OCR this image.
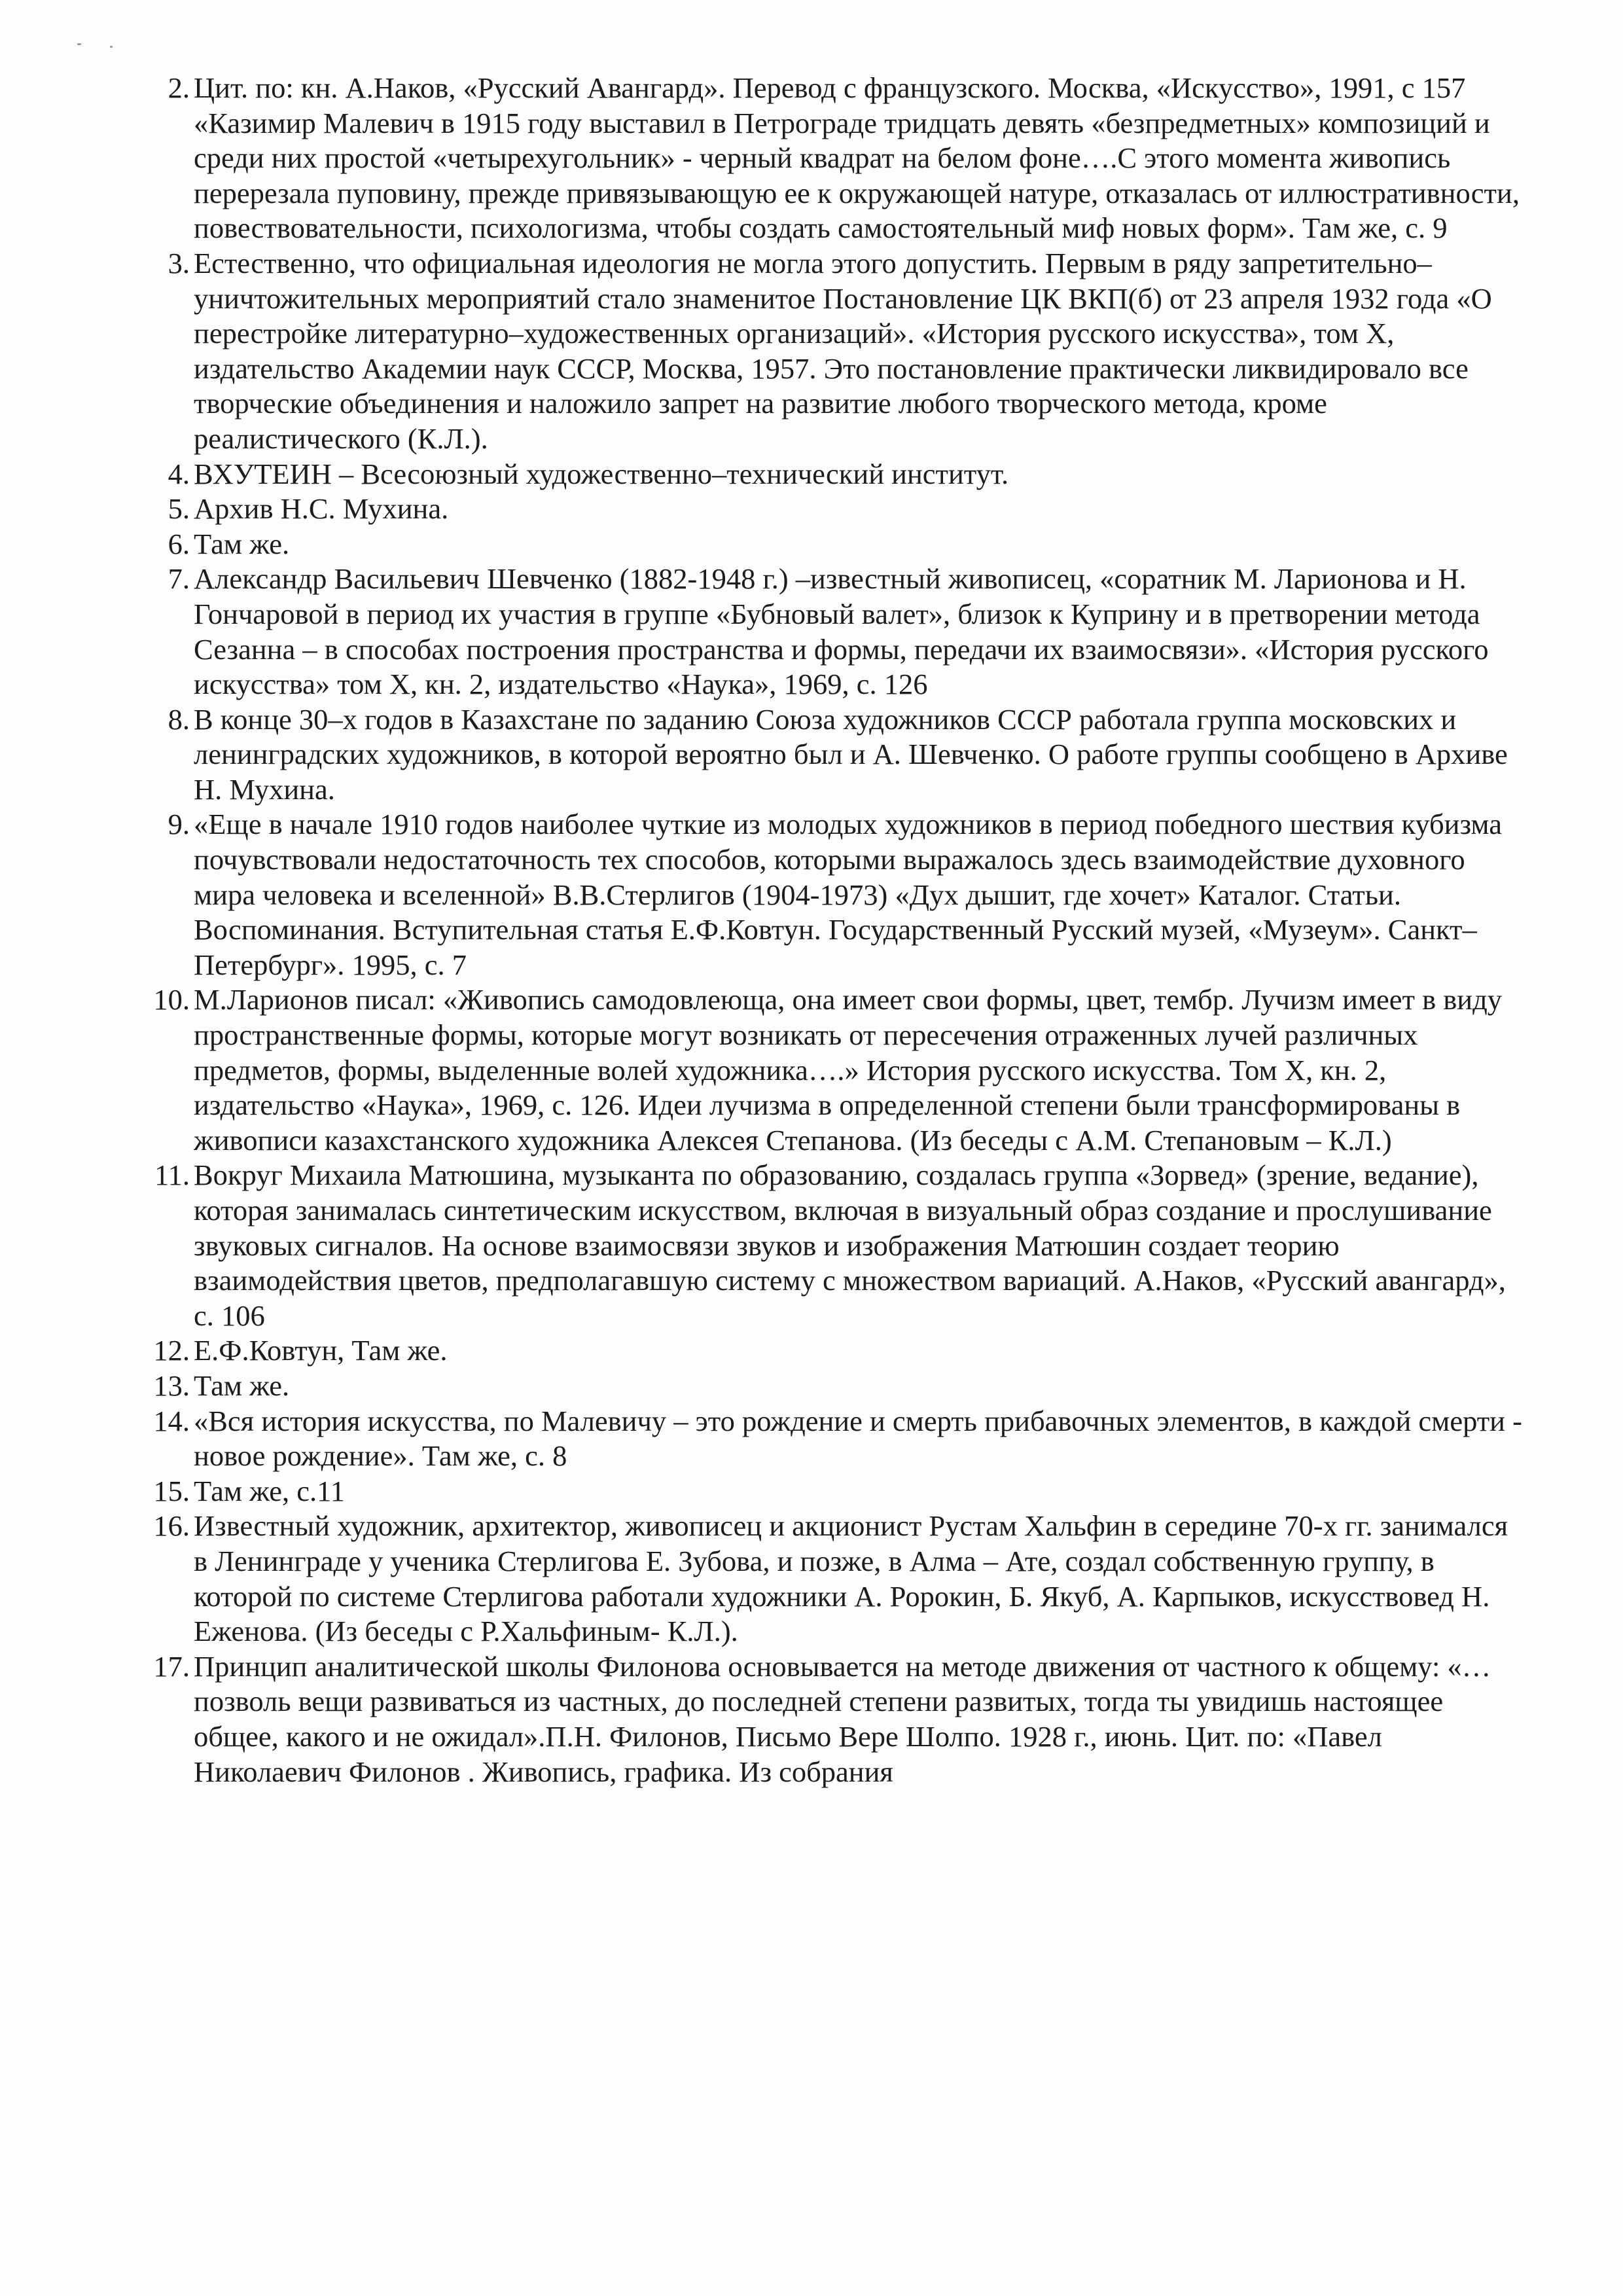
2. Цит. по: кн. А.Наков, «Русский Авангард». Перевод с французского. Москва, «Искусство», 1991, с 157
«Казимир Малевич в 1915 году выставил в Петрограде тридцать девять «безпредметных» композиций и среди них простой «четырехугольник» - черный квадрат на белом фоне….С этого момента живопись перерезала пуповину, прежде привязывающую ее к окружающей натуре, отказалась от иллюстративности, повествовательности, психологизма, чтобы создать самостоятельный миф новых форм». Там же, с. 9
3. Естественно, что официальная идеология не могла этого допустить. Первым в ряду запретительно–уничтожительных мероприятий стало знаменитое Постановление ЦК ВКП(б) от 23 апреля 1932 года «О перестройке литературно–художественных организаций». «История русского искусства», том Х, издательство Академии наук СССР, Москва, 1957. Это постановление практически ликвидировало все творческие объединения и наложило запрет на развитие любого творческого метода, кроме реалистического (К.Л.).
4. ВХУТЕИН – Всесоюзный художественно–технический институт.
5. Архив Н.С. Мухина.
6. Там же.
7. Александр Васильевич Шевченко (1882-1948 г.) –известный живописец, «соратник М. Ларионова и Н. Гончаровой в период их участия в группе «Бубновый валет», близок к Куприну и в претворении метода Сезанна – в способах построения пространства и формы, передачи их взаимосвязи». «История русского искусства» том Х, кн. 2, издательство «Наука», 1969, с. 126
8. В конце 30–х годов в Казахстане по заданию Союза художников СССР работала группа московских и ленинградских художников, в которой вероятно был и А. Шевченко. О работе группы сообщено в Архиве Н. Мухина.
9. «Еще в начале 1910 годов наиболее чуткие из молодых художников в период победного шествия кубизма почувствовали недостаточность тех способов, которыми выражалось здесь взаимодействие духовного мира человека и вселенной» В.В.Стерлигов (1904-1973) «Дух дышит, где хочет» Каталог. Статьи. Воспоминания. Вступительная статья Е.Ф.Ковтун. Государственный Русский музей, «Музеум». Санкт–Петербург». 1995, с. 7
10. М.Ларионов писал: «Живопись самодовлеюща, она имеет свои формы, цвет, тембр. Лучизм имеет в виду пространственные формы, которые могут возникать от пересечения отраженных лучей различных предметов, формы, выделенные волей художника….» История русского искусства. Том Х, кн. 2, издательство «Наука», 1969, с. 126. Идеи лучизма в определенной степени были трансформированы в живописи казахстанского художника Алексея Степанова. (Из беседы с А.М. Степановым – К.Л.)
11. Вокруг Михаила Матюшина, музыканта по образованию, создалась группа «Зорвед» (зрение, ведание), которая занималась синтетическим искусством, включая в визуальный образ создание и прослушивание звуковых сигналов. На основе взаимосвязи звуков и изображения Матюшин создает теорию взаимодействия цветов, предполагавшую систему с множеством вариаций. А.Наков, «Русский авангард», с. 106
12. Е.Ф.Ковтун, Там же.
13. Там же.
14. «Вся история искусства, по Малевичу – это рождение и смерть прибавочных элементов, в каждой смерти - новое рождение». Там же, с. 8
15. Там же, с.11
16. Известный художник, архитектор, живописец и акционист Рустам Хальфин в середине 70-х гг. занимался в Ленинграде у ученика Стерлигова Е. Зубова, и позже, в Алма – Ате, создал собственную группу, в которой по системе Стерлигова работали художники А. Ророкин, Б. Якуб, А. Карпыков, искусствовед Н. Еженова. (Из беседы с Р.Хальфиным- К.Л.).
17. Принцип аналитической школы Филонова основывается на методе движения от частного к общему: «… позволь вещи развиваться из частных, до последней степени развитых, тогда ты увидишь настоящее общее, какого и не ожидал».П.Н. Филонов, Письмо Вере Шолпо. 1928 г., июнь. Цит. по: «Павел Николаевич Филонов . Живопись, графика. Из собрания
